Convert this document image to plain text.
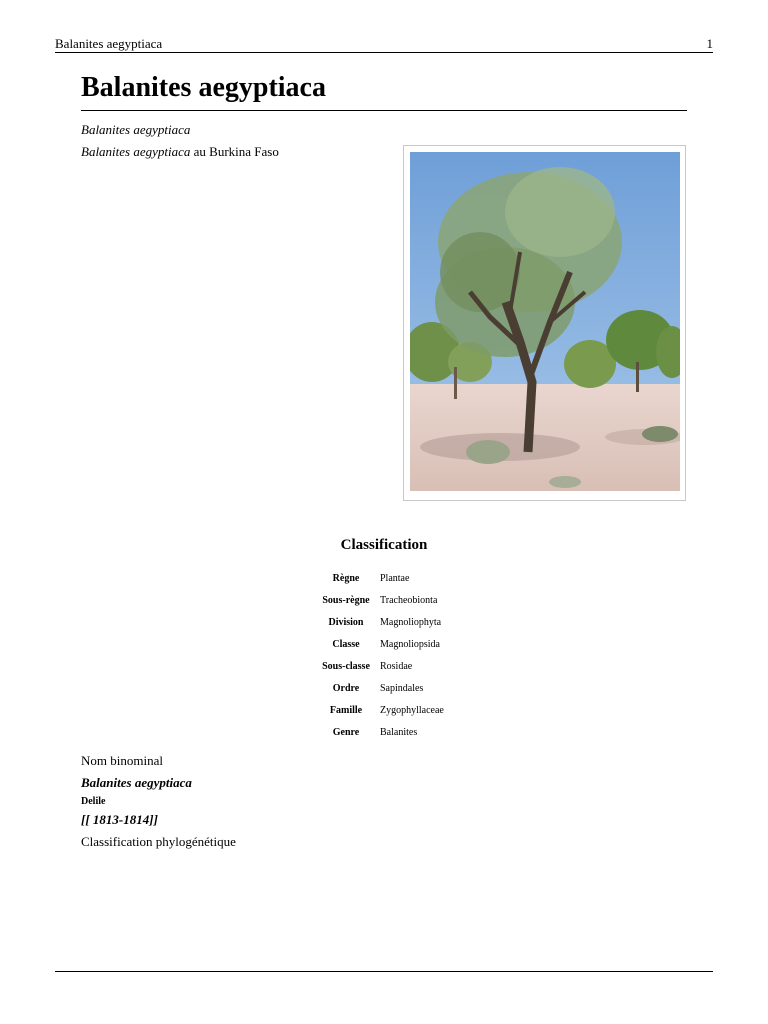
Balanites aegyptiaca	1
Balanites aegyptiaca
Balanites aegyptiaca
Balanites aegyptiaca au Burkina Faso
Classification
Règne	Plantae
Sous-règne	Tracheobionta
Division	Magnoliophyta
Classe	Magnoliopsida
Sous-classe	Rosidae
Ordre	Sapindales
Famille	Zygophyllaceae
Genre	Balanites
Nom binominal
Balanites aegyptiaca
Delile
[[ 1813-1814]]
Classification phylogénétique
